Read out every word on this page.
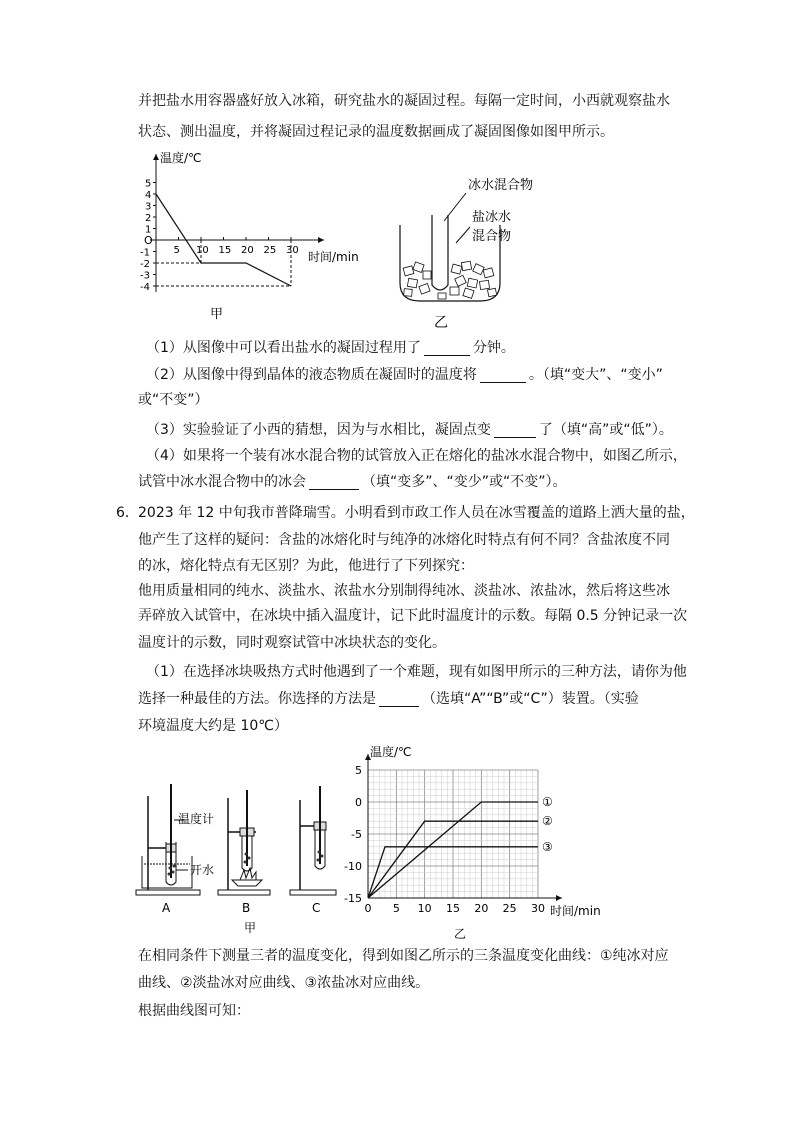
并把盐水用容器盛好放入冰箱，研究盐水的凝固过程。每隔一定时间，小西就观察盐水
状态、测出温度，并将凝固过程记录的温度数据画成了凝固图像如图甲所示。
5
4
3
2
1
-1
-2
-3
-4
5 10 15 20 25 30
温度/℃
时间/min
O
甲
冰水混合物
盐冰水
混合物
乙
（1）从图像中可以看出盐水的凝固过程用了	分钟。
（2）从图像中得到晶体的液态物质在凝固时的温度将	。（填“变大”、“变小”
或“不变”）
（3）实验验证了小西的猜想，因为与水相比，凝固点变	了（填“高”或“低”）。
（4）如果将一个装有冰水混合物的试管放入正在熔化的盐冰水混合物中，如图乙所示，
试管中冰水混合物中的冰会	（填“变多”、“变少”或“不变”）。
6． 2023 年 12 中旬我市普降瑞雪。小明看到市政工作人员在冰雪覆盖的道路上洒大量的盐，
他产生了这样的疑问：含盐的冰熔化时与纯净的冰熔化时特点有何不同？含盐浓度不同
的冰，熔化特点有无区别？为此，他进行了下列探究：
他用质量相同的纯水、淡盐水、浓盐水分别制得纯冰、淡盐冰、浓盐冰，然后将这些冰
弄碎放入试管中，在冰块中插入温度计，记下此时温度计的示数。每隔 0.5 分钟记录一次
温度计的示数，同时观察试管中冰块状态的变化。
（1）在选择冰块吸热方式时他遇到了一个难题，现有如图甲所示的三种方法，请你为他
选择一种最佳的方法。你选择的方法是	（选填“A”“B”或“C”）装置。（实验
环境温度大约是 10℃）
温度计
开水
A	B	C
甲
5
0
-5
-10
-15
0 5 10 15 20 25 30
①
②
③
温度/℃
时间/min
乙
在相同条件下测量三者的温度变化，得到如图乙所示的三条温度变化曲线：①纯冰对应
曲线、②淡盐冰对应曲线、③浓盐冰对应曲线。
根据曲线图可知：
